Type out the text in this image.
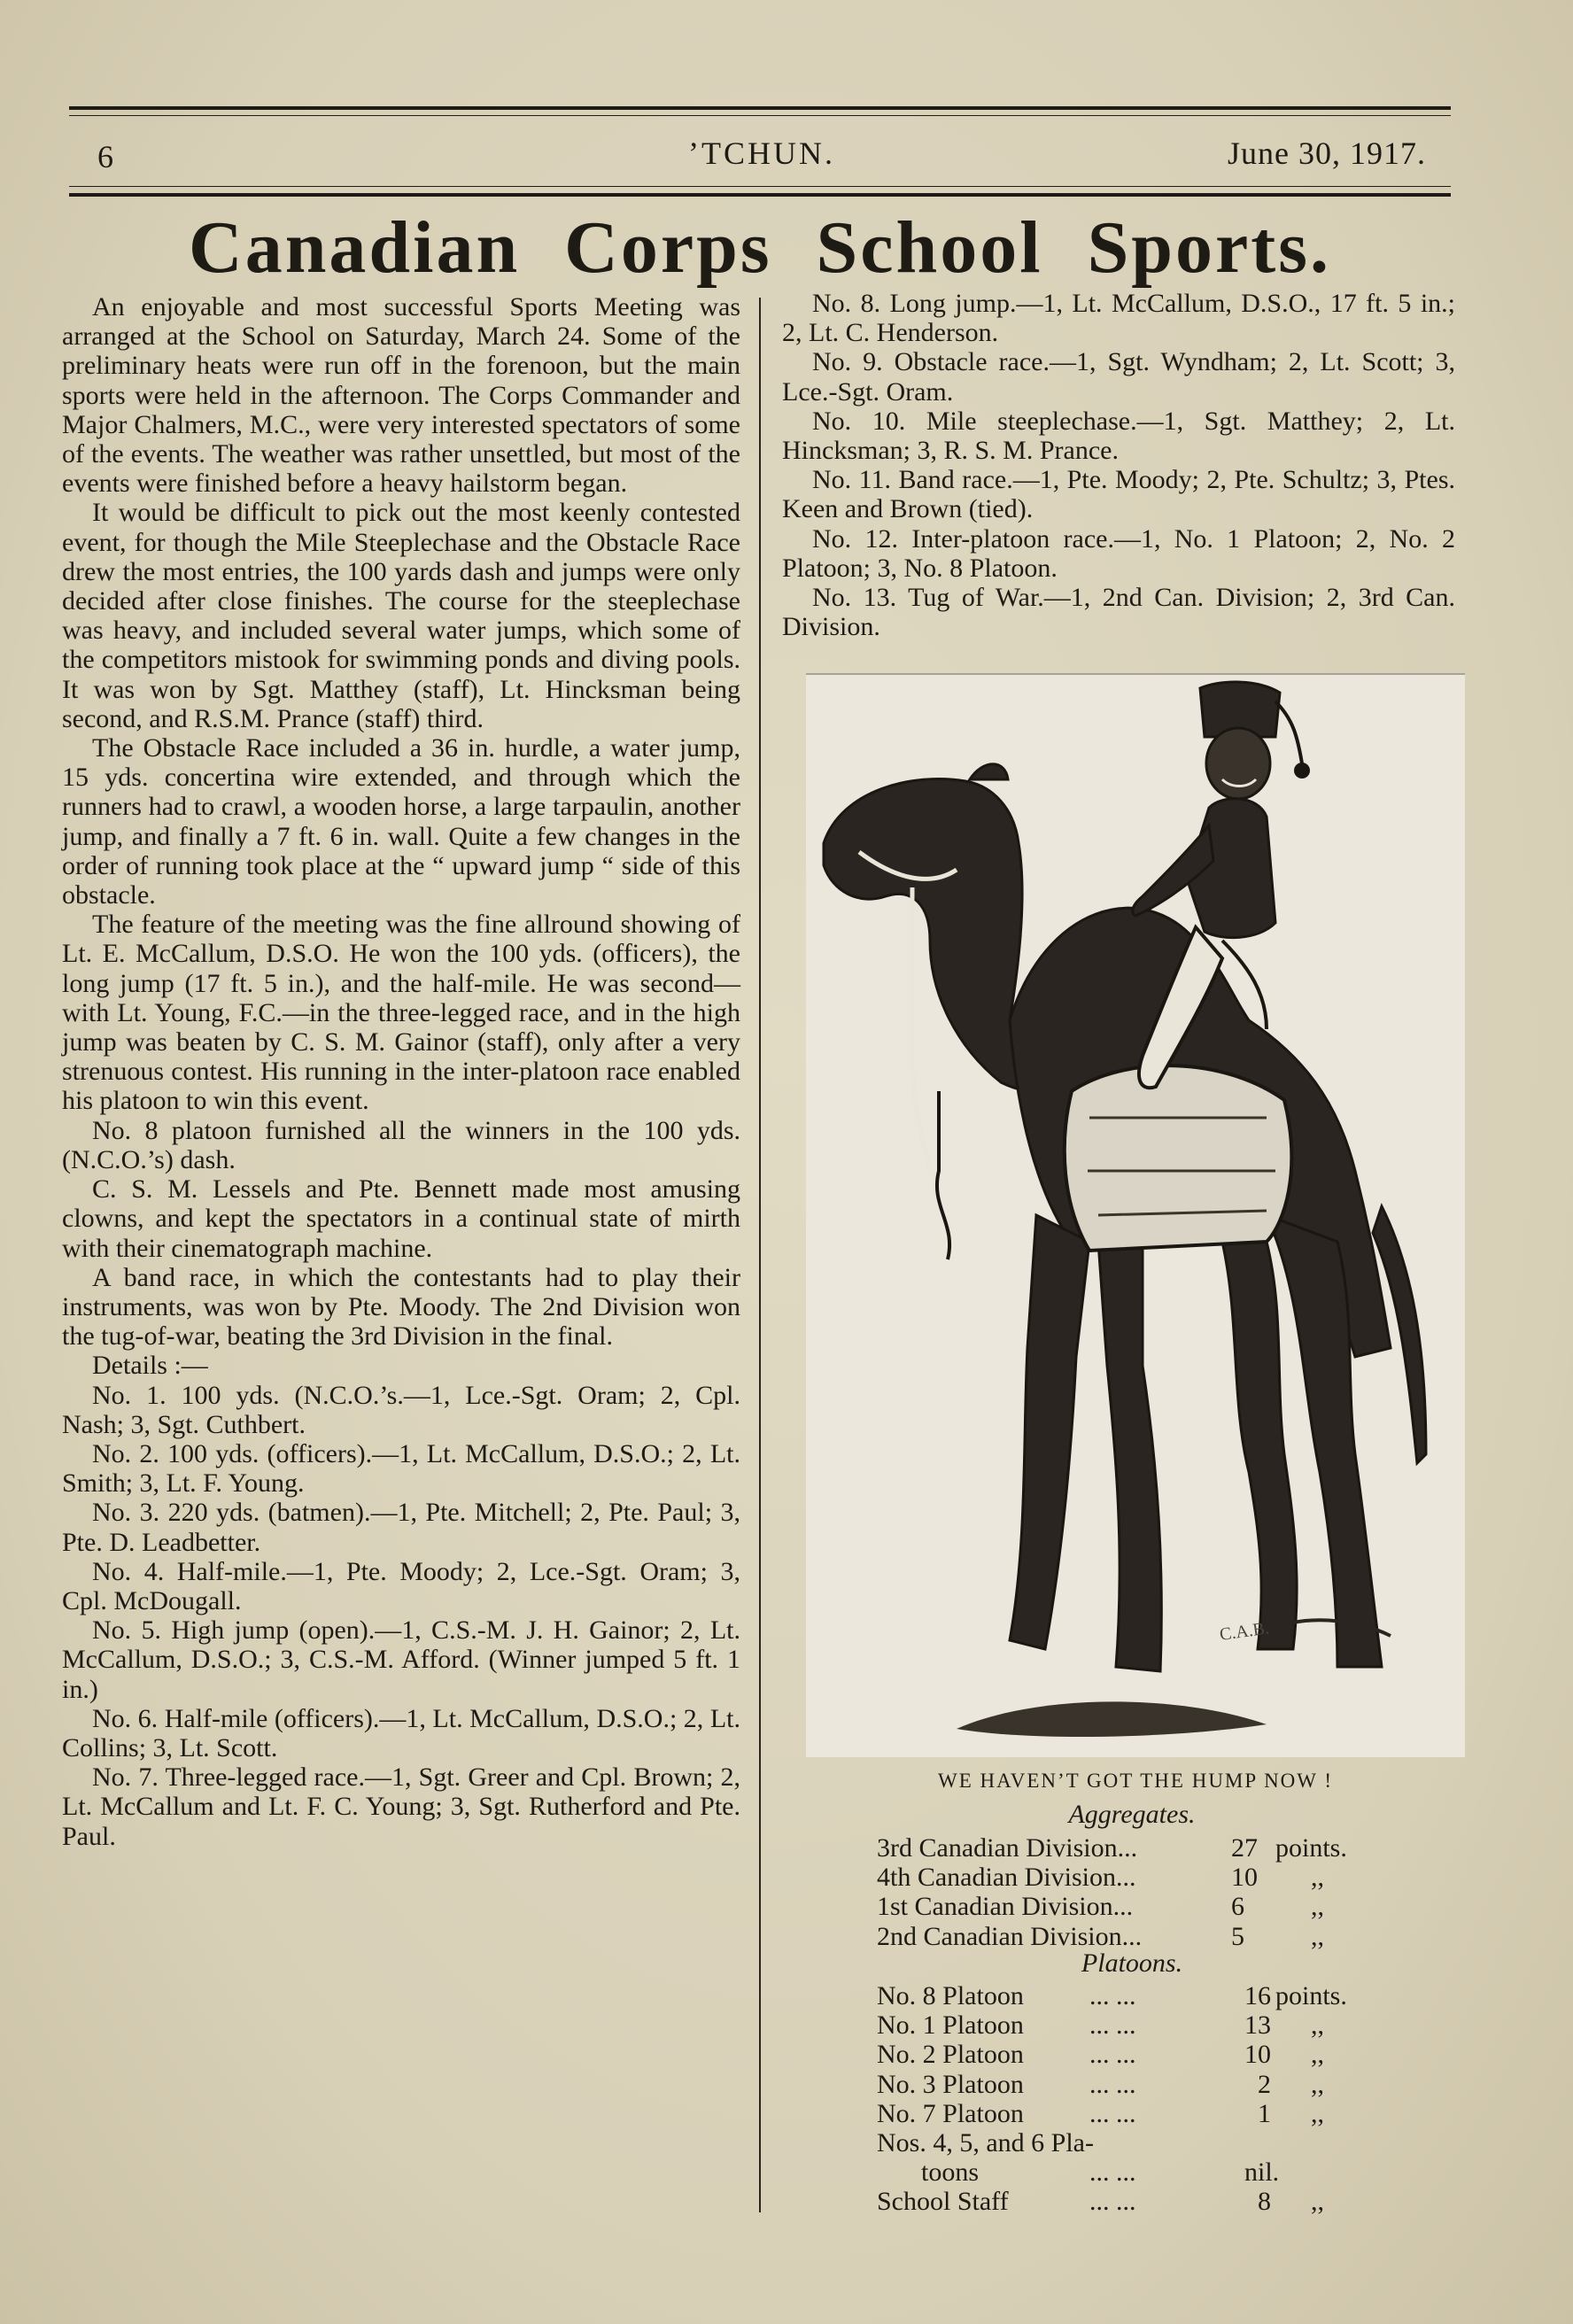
6	’TCHUN.	June 30, 1917.
Canadian Corps School Sports.

An enjoyable and most successful Sports Meeting was arranged at the School on Saturday, March 24. Some of the preliminary heats were run off in the forenoon, but the main sports were held in the afternoon. The Corps Commander and Major Chalmers, M.C., were very interested spectators of some of the events. The weather was rather unsettled, but most of the events were finished before a heavy hailstorm began.

It would be difficult to pick out the most keenly contested event, for though the Mile Steeplechase and the Obstacle Race drew the most entries, the 100 yards dash and jumps were only decided after close finishes. The course for the steeplechase was heavy, and included several water jumps, which some of the competitors mistook for swimming ponds and diving pools. It was won by Sgt. Matthey (staff), Lt. Hincksman being second, and R.S.M. Prance (staff) third.

The Obstacle Race included a 36 in. hurdle, a water jump, 15 yds. concertina wire extended, and through which the runners had to crawl, a wooden horse, a large tarpaulin, another jump, and finally a 7 ft. 6 in. wall. Quite a few changes in the order of running took place at the “ upward jump “ side of this obstacle.

The feature of the meeting was the fine allround showing of Lt. E. McCallum, D.S.O. He won the 100 yds. (officers), the long jump (17 ft. 5 in.), and the half-mile. He was second—with Lt. Young, F.C.—in the three-legged race, and in the high jump was beaten by C. S. M. Gainor (staff), only after a very strenuous contest. His running in the inter-platoon race enabled his platoon to win this event.

No. 8 platoon furnished all the winners in the 100 yds. (N.C.O.’s) dash.

C. S. M. Lessels and Pte. Bennett made most amusing clowns, and kept the spectators in a continual state of mirth with their cinematograph machine.

A band race, in which the contestants had to play their instruments, was won by Pte. Moody. The 2nd Division won the tug-of-war, beating the 3rd Division in the final.

Details :—

No. 1. 100 yds. (N.C.O.’s.—1, Lce.-Sgt. Oram; 2, Cpl. Nash; 3, Sgt. Cuthbert.

No. 2. 100 yds. (officers).—1, Lt. McCallum, D.S.O.; 2, Lt. Smith; 3, Lt. F. Young.

No. 3. 220 yds. (batmen).—1, Pte. Mitchell; 2, Pte. Paul; 3, Pte. D. Leadbetter.

No. 4. Half-mile.—1, Pte. Moody; 2, Lce.-Sgt. Oram; 3, Cpl. McDougall.

No. 5. High jump (open).—1, C.S.-M. J. H. Gainor; 2, Lt. McCallum, D.S.O.; 3, C.S.-M. Afford. (Winner jumped 5 ft. 1 in.)

No. 6. Half-mile (officers).—1, Lt. McCallum, D.S.O.; 2, Lt. Collins; 3, Lt. Scott.

No. 7. Three-legged race.—1, Sgt. Greer and Cpl. Brown; 2, Lt. McCallum and Lt. F. C. Young; 3, Sgt. Rutherford and Pte. Paul.

No. 8. Long jump.—1, Lt. McCallum, D.S.O., 17 ft. 5 in.; 2, Lt. C. Henderson.

No. 9. Obstacle race.—1, Sgt. Wyndham; 2, Lt. Scott; 3, Lce.-Sgt. Oram.

No. 10. Mile steeplechase.—1, Sgt. Matthey; 2, Lt. Hincksman; 3, R. S. M. Prance.

No. 11. Band race.—1, Pte. Moody; 2, Pte. Schultz; 3, Ptes. Keen and Brown (tied).

No. 12. Inter-platoon race.—1, No. 1 Platoon; 2, No. 2 Platoon; 3, No. 8 Platoon.

No. 13. Tug of War.—1, 2nd Can. Division; 2, 3rd Can. Division.

C.A.B.
WE HAVEN’T GOT THE HUMP NOW !
Aggregates.
3rd Canadian Division...	27 points.
4th Canadian Division...	10 ,,
1st Canadian Division...	6	,,
2nd Canadian Division...	5	,,
Platoons.
No. 8 Platoon ... ...	16 points.
No. 1 Platoon ... ...	13 ,,
No. 2 Platoon ... ...	10 ,,
No. 3 Platoon ... ...	2 ,,
No. 7 Platoon ... ...	1 ,,
Nos. 4, 5, and 6 Pla-
toons	... ...	nil.
School Staff	... ...	8 ,,
